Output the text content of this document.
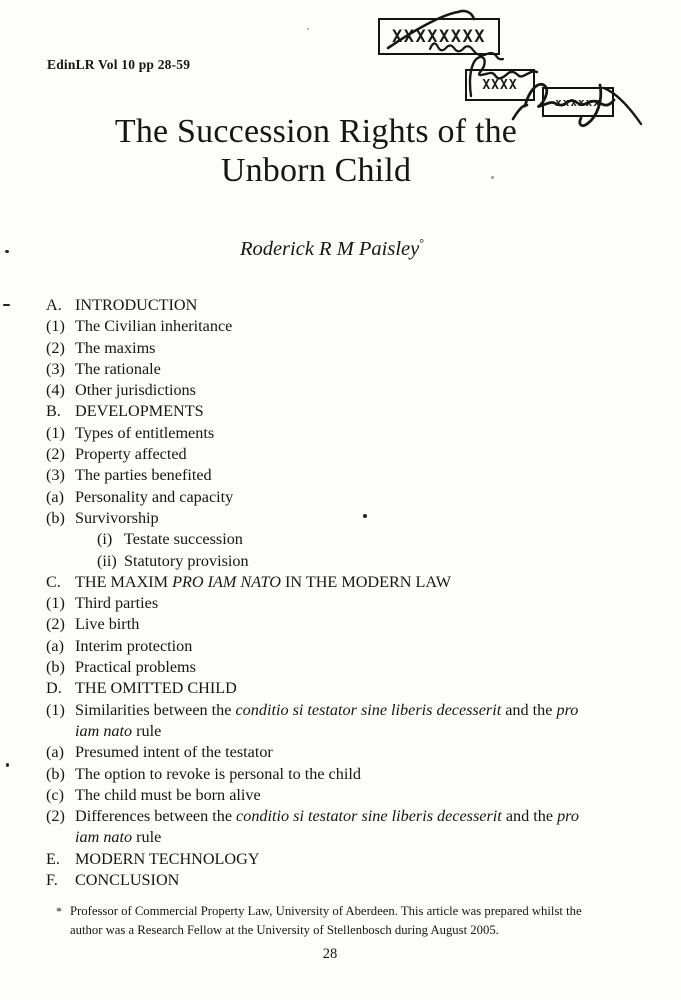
EdinLR Vol 10 pp 28-59
XXXXXXXX
XXXX
xxxxxx
The Succession Rights of the
Unborn Child
Roderick R M Paisley°
A. INTRODUCTION
(1) The Civilian inheritance
(2) The maxims
(3) The rationale
(4) Other jurisdictions
B. DEVELOPMENTS
(1) Types of entitlements
(2) Property affected
(3) The parties benefited
(a) Personality and capacity
(b) Survivorship
(i) Testate succession
(ii) Statutory provision
C. THE MAXIM PRO IAM NATO IN THE MODERN LAW
(1) Third parties
(2) Live birth
(a) Interim protection
(b) Practical problems
D. THE OMITTED CHILD
(1) Similarities between the conditio si testator sine liberis decesserit and the pro
iam nato rule
(a) Presumed intent of the testator
(b) The option to revoke is personal to the child
(c) The child must be born alive
(2) Differences between the conditio si testator sine liberis decesserit and the pro
iam nato rule
E. MODERN TECHNOLOGY
F.	CONCLUSION
* Professor of Commercial Property Law, University of Aberdeen. This article was prepared whilst the author was a Research Fellow at the University of Stellenbosch during August 2005.
28
